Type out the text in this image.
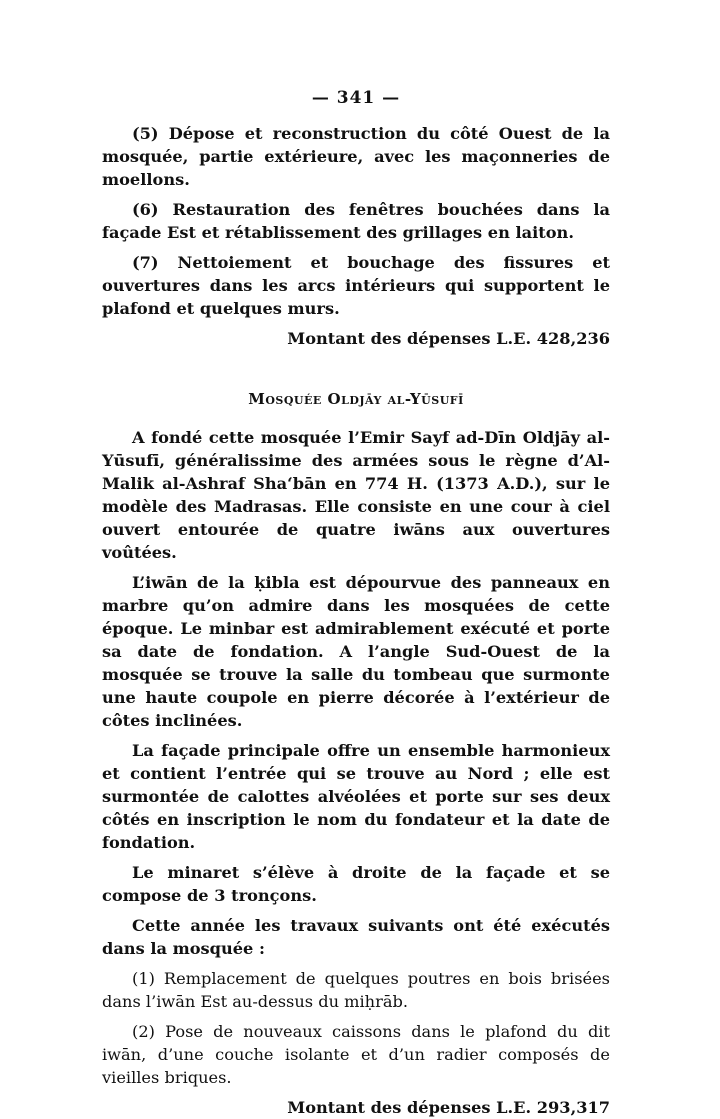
— 341 —

(5) Dépose et reconstruction du côté Ouest de la mosquée, partie extérieure, avec les maçonneries de moellons.

(6) Restauration des fenêtres bouchées dans la façade Est et rétablissement des grillages en laiton.

(7) Nettoiement et bouchage des fissures et ouvertures dans les arcs intérieurs qui supportent le plafond et quelques murs.

Montant des dépenses L.E. 428,236
Mosquée Oldjāy al-Yūsufī

A fondé cette mosquée l’Emir Sayf ad-Dīn Oldjāy al-Yūsufī, généralissime des armées sous le règne d’Al-Malik al-Ashraf Sha‘bān en 774 H. (1373 A.D.), sur le modèle des Madrasas. Elle consiste en une cour à ciel ouvert entourée de quatre iwāns aux ouvertures voûtées.

L’iwān de la ḳibla est dépourvue des panneaux en marbre qu’on admire dans les mosquées de cette époque. Le minbar est admirablement exécuté et porte sa date de fondation. A l’angle Sud-Ouest de la mosquée se trouve la salle du tombeau que surmonte une haute coupole en pierre décorée à l’extérieur de côtes inclinées.

La façade principale offre un ensemble harmonieux et contient l’entrée qui se trouve au Nord ; elle est surmontée de calottes alvéolées et porte sur ses deux côtés en inscription le nom du fondateur et la date de fondation.

Le minaret s’élève à droite de la façade et se compose de 3 tronçons.

Cette année les travaux suivants ont été exécutés dans la mosquée :

(1) Remplacement de quelques poutres en bois brisées dans l’iwān Est au-dessus du miḥrāb.

(2) Pose de nouveaux caissons dans le plafond du dit iwān, d’une couche isolante et d’un radier composés de vieilles briques.

Montant des dépenses L.E. 293,317
